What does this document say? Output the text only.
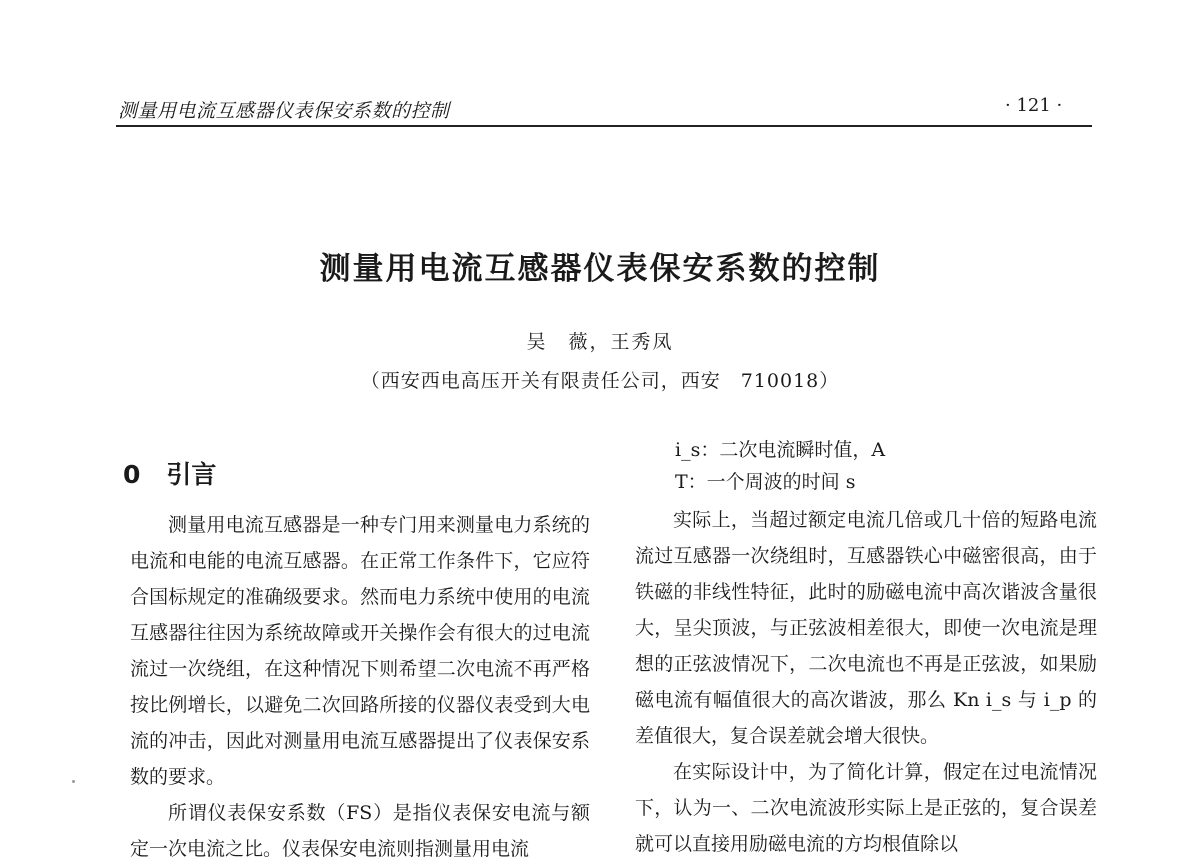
测量用电流互感器仪表保安系数的控制	· 121 ·
测量用电流互感器仪表保安系数的控制
吴　薇，王秀凤
（西安西电高压开关有限责任公司，西安　710018）
0 引言

测量用电流互感器是一种专门用来测量电力系统的电流和电能的电流互感器。在正常工作条件下，它应符合国标规定的准确级要求。然而电力系统中使用的电流互感器往往因为系统故障或开关操作会有很大的过电流流过一次绕组，在这种情况下则希望二次电流不再严格按比例增长，以避免二次回路所接的仪器仪表受到大电流的冲击，因此对测量用电流互感器提出了仪表保安系数的要求。

所谓仪表保安系数（FS）是指仪表保安电流与额定一次电流之比。仪表保安电流则指测量用电流

i_s：二次电流瞬时值，A

T：一个周波的时间 s

实际上，当超过额定电流几倍或几十倍的短路电流流过互感器一次绕组时，互感器铁心中磁密很高，由于铁磁的非线性特征，此时的励磁电流中高次谐波含量很大，呈尖顶波，与正弦波相差很大，即使一次电流是理想的正弦波情况下，二次电流也不再是正弦波，如果励磁电流有幅值很大的高次谐波，那么 Kn i_s 与 i_p 的差值很大，复合误差就会增大很快。

在实际设计中，为了简化计算，假定在过电流情况下，认为一、二次电流波形实际上是正弦的，复合误差就可以直接用励磁电流的方均根值除以
